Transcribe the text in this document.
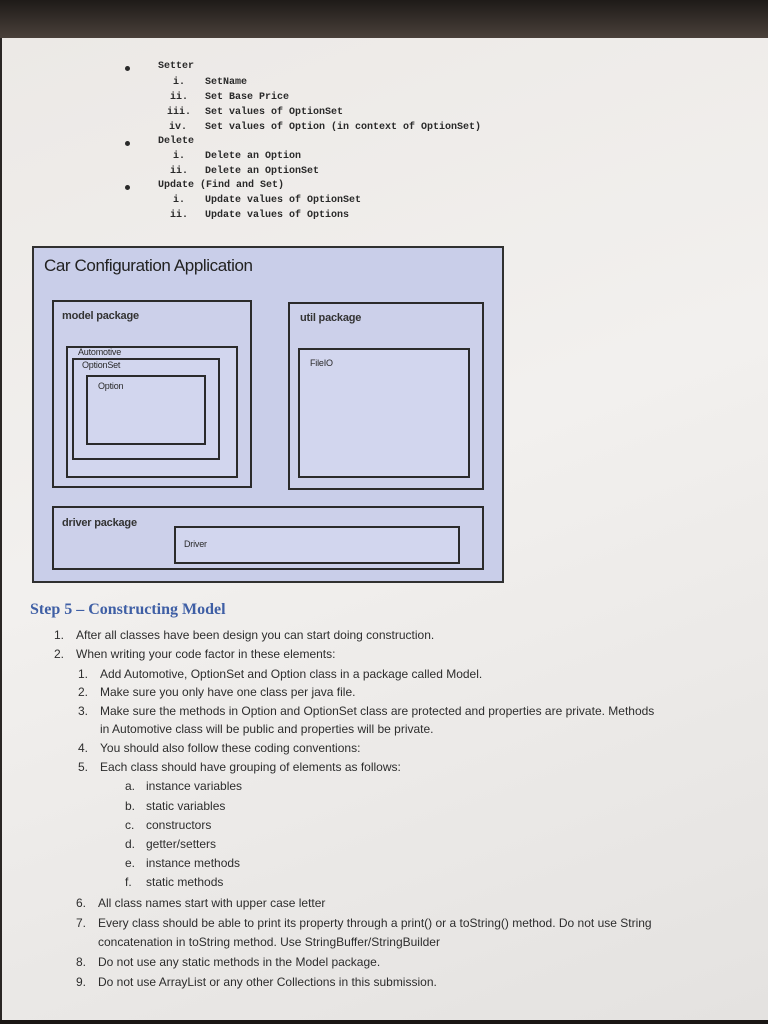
Setter
i. SetName
ii. Set Base Price
iii. Set values of OptionSet
iv. Set values of Option (in context of OptionSet)
Delete
i. Delete an Option
ii. Delete an OptionSet
Update (Find and Set)
i. Update values of OptionSet
ii. Update values of Options
Car Configuration Application
model package
Automotive
OptionSet
Option
util package
FileIO
driver package
Driver
Step 5 – Constructing Model
1. After all classes have been design you can start doing construction.
2. When writing your code factor in these elements:
1. Add Automotive, OptionSet and Option class in a package called Model.
2. Make sure you only have one class per java file.
3. Make sure the methods in Option and OptionSet class are protected and properties are private. Methods
in Automotive class will be public and properties will be private.
4. You should also follow these coding conventions:
5. Each class should have grouping of elements as follows:
a. instance variables
b. static variables
c. constructors
d. getter/setters
e. instance methods
f. static methods
6. All class names start with upper case letter
7. Every class should be able to print its property through a print() or a toString() method. Do not use String
concatenation in toString method. Use StringBuffer/StringBuilder
8. Do not use any static methods in the Model package.
9. Do not use ArrayList or any other Collections in this submission.
